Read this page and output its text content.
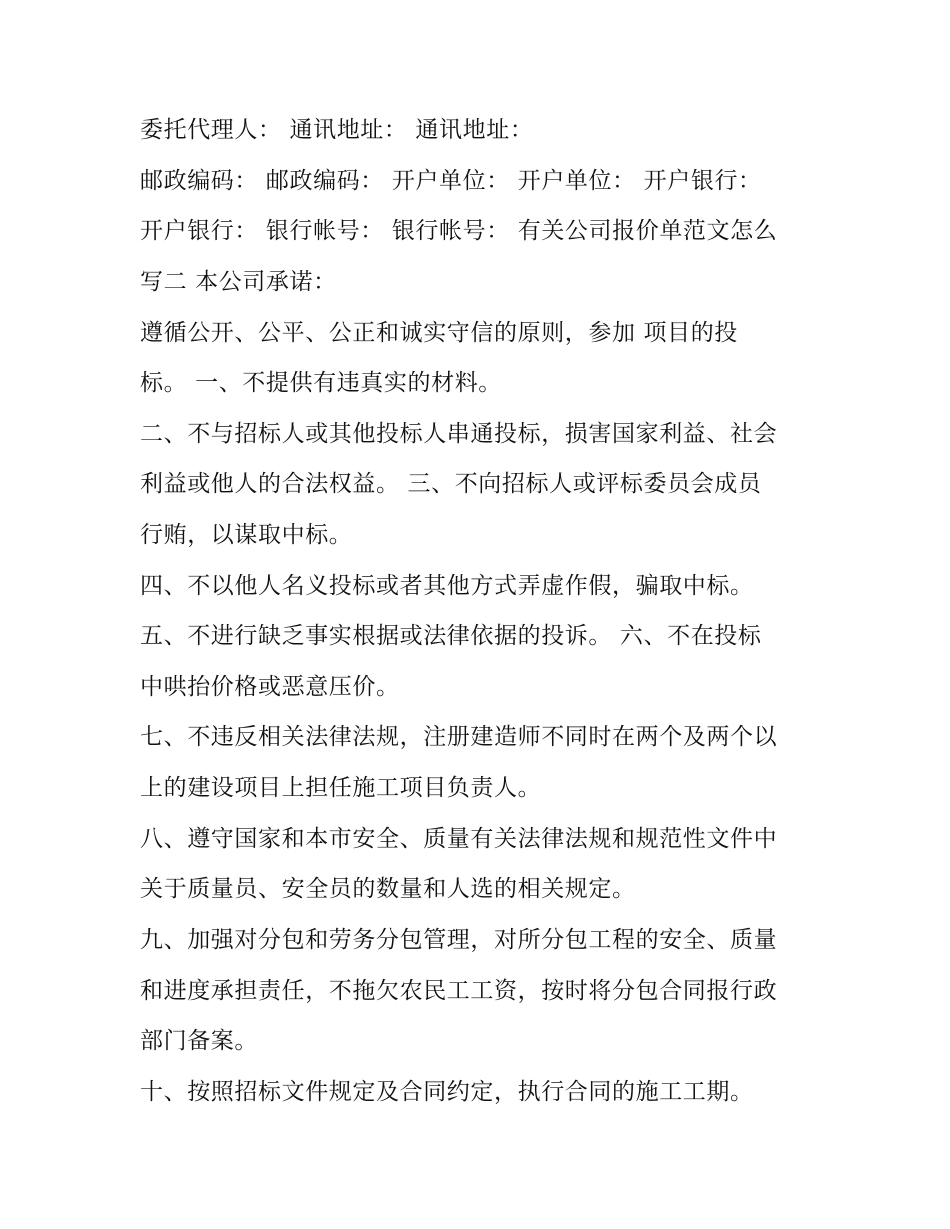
委托代理人： 通讯地址： 通讯地址：

邮政编码： 邮政编码： 开户单位： 开户单位： 开户银行：

开户银行： 银行帐号： 银行帐号： 有关公司报价单范文怎么

写二 本公司承诺：

遵循公开、公平、公正和诚实守信的原则，参加 项目的投

标。 一、不提供有违真实的材料。

二、不与招标人或其他投标人串通投标，损害国家利益、社会

利益或他人的合法权益。 三、不向招标人或评标委员会成员

行贿，以谋取中标。

四、不以他人名义投标或者其他方式弄虚作假，骗取中标。

五、不进行缺乏事实根据或法律依据的投诉。 六、不在投标

中哄抬价格或恶意压价。

七、不违反相关法律法规，注册建造师不同时在两个及两个以

上的建设项目上担任施工项目负责人。

八、遵守国家和本市安全、质量有关法律法规和规范性文件中

关于质量员、安全员的数量和人选的相关规定。

九、加强对分包和劳务分包管理，对所分包工程的安全、质量

和进度承担责任，不拖欠农民工工资，按时将分包合同报行政

部门备案。

十、按照招标文件规定及合同约定，执行合同的施工工期。
